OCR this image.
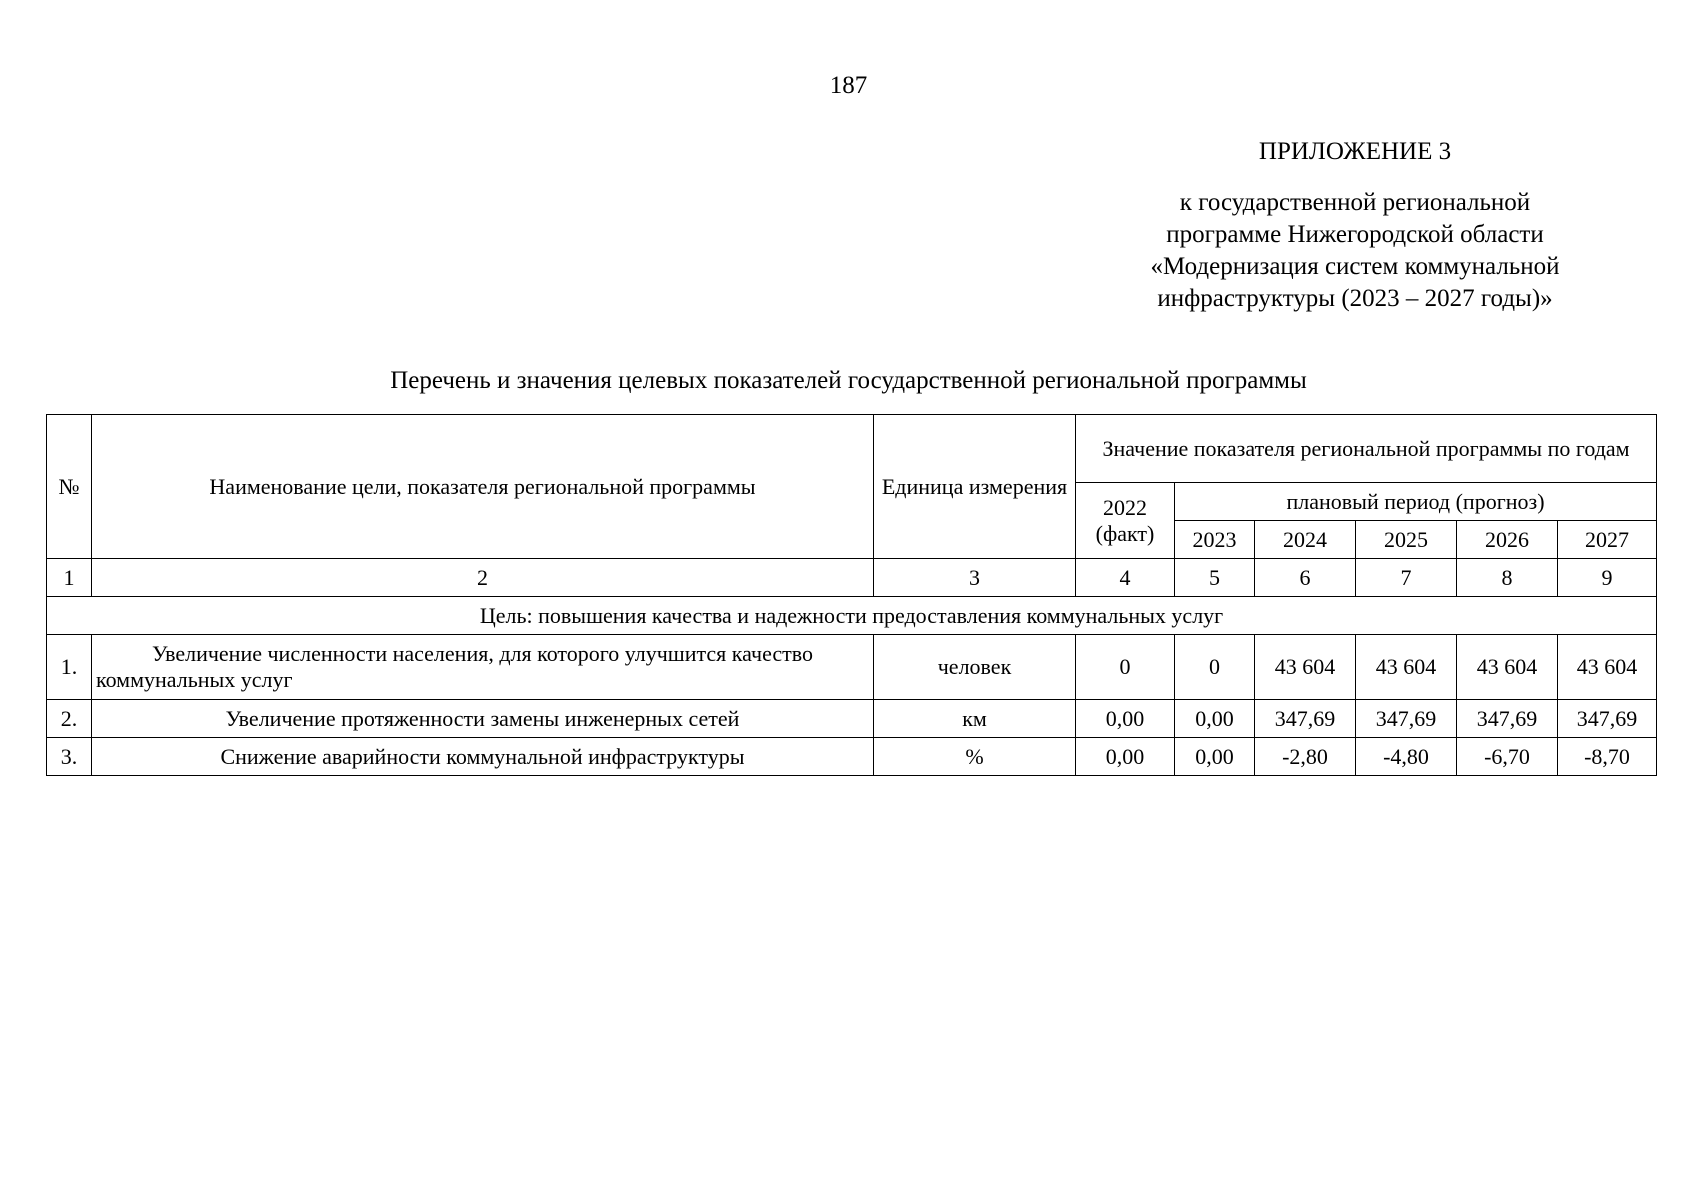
187
ПРИЛОЖЕНИЕ 3
к государственной региональной
программе Нижегородской области
«Модернизация систем коммунальной
инфраструктуры (2023 – 2027 годы)»
Перечень и значения целевых показателей государственной региональной программы
№	Наименование цели, показателя региональной программы	Единица измерения	Значение показателя региональной программы по годам					
			2022 (факт)	плановый период (прогноз)				
				2023	2024	2025	2026	2027
1	2	3	4	5	6	7	8	9
Цель: повышения качества и надежности предоставления коммунальных услуг								
1.	Увеличение численности населения, для которого улучшится качество коммунальных услуг	человек	0	0	43 604	43 604	43 604	43 604
2.	Увеличение протяженности замены инженерных сетей	км	0,00	0,00	347,69	347,69	347,69	347,69
3.	Снижение аварийности коммунальной инфраструктуры	%	0,00	0,00	-2,80	-4,80	-6,70	-8,70
